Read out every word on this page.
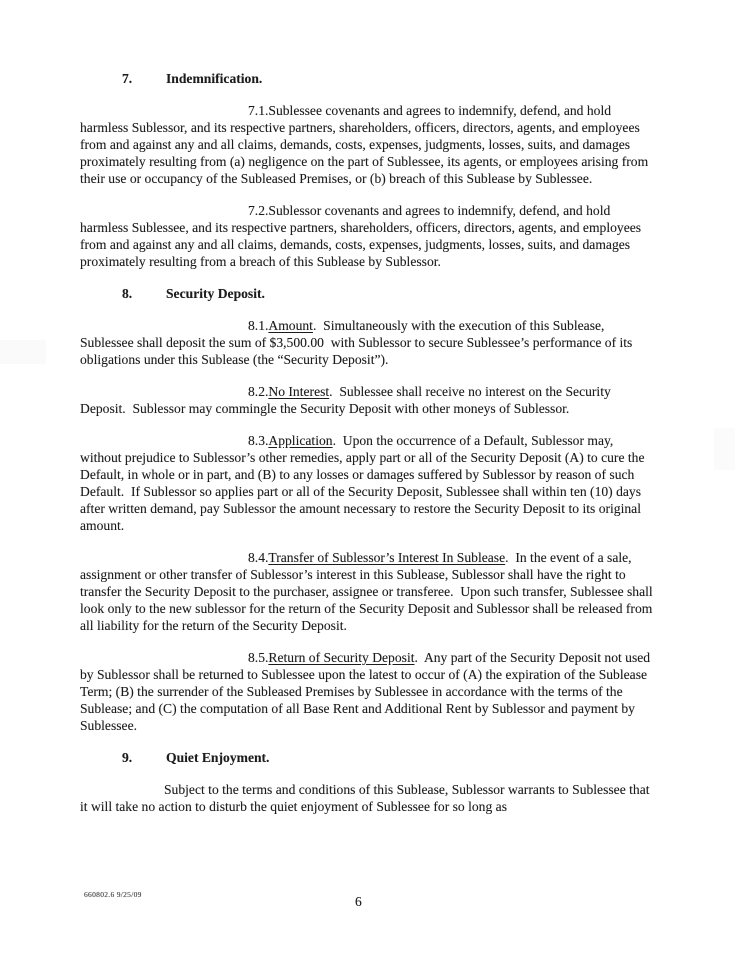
7. Indemnification.

7.1.Sublessee covenants and agrees to indemnify, defend, and hold harmless Sublessor, and its respective partners, shareholders, officers, directors, agents, and employees from and against any and all claims, demands, costs, expenses, judgments, losses, suits, and damages proximately resulting from (a) negligence on the part of Sublessee, its agents, or employees arising from their use or occupancy of the Subleased Premises, or (b) breach of this Sublease by Sublessee.

7.2.Sublessor covenants and agrees to indemnify, defend, and hold harmless Sublessee, and its respective partners, shareholders, officers, directors, agents, and employees from and against any and all claims, demands, costs, expenses, judgments, losses, suits, and damages proximately resulting from a breach of this Sublease by Sublessor.

8. Security Deposit.

8.1.Amount.  Simultaneously with the execution of this Sublease, Sublessee shall deposit the sum of $3,500.00  with Sublessor to secure Sublessee’s performance of its obligations under this Sublease (the “Security Deposit”).

8.2.No Interest.  Sublessee shall receive no interest on the Security Deposit.  Sublessor may commingle the Security Deposit with other moneys of Sublessor.

8.3.Application.  Upon the occurrence of a Default, Sublessor may, without prejudice to Sublessor’s other remedies, apply part or all of the Security Deposit (A) to cure the Default, in whole or in part, and (B) to any losses or damages suffered by Sublessor by reason of such Default.  If Sublessor so applies part or all of the Security Deposit, Sublessee shall within ten (10) days after written demand, pay Sublessor the amount necessary to restore the Security Deposit to its original amount.

8.4.Transfer of Sublessor’s Interest In Sublease.  In the event of a sale, assignment or other transfer of Sublessor’s interest in this Sublease, Sublessor shall have the right to transfer the Security Deposit to the purchaser, assignee or transferee.  Upon such transfer, Sublessee shall look only to the new sublessor for the return of the Security Deposit and Sublessor shall be released from all liability for the return of the Security Deposit.

8.5.Return of Security Deposit.  Any part of the Security Deposit not used by Sublessor shall be returned to Sublessee upon the latest to occur of (A) the expiration of the Sublease Term; (B) the surrender of the Subleased Premises by Sublessee in accordance with the terms of the Sublease; and (C) the computation of all Base Rent and Additional Rent by Sublessor and payment by Sublessee.

9. Quiet Enjoyment.

Subject to the terms and conditions of this Sublease, Sublessor warrants to Sublessee that it will take no action to disturb the quiet enjoyment of Sublessee for so long as

660802.6 9/25/09	6
